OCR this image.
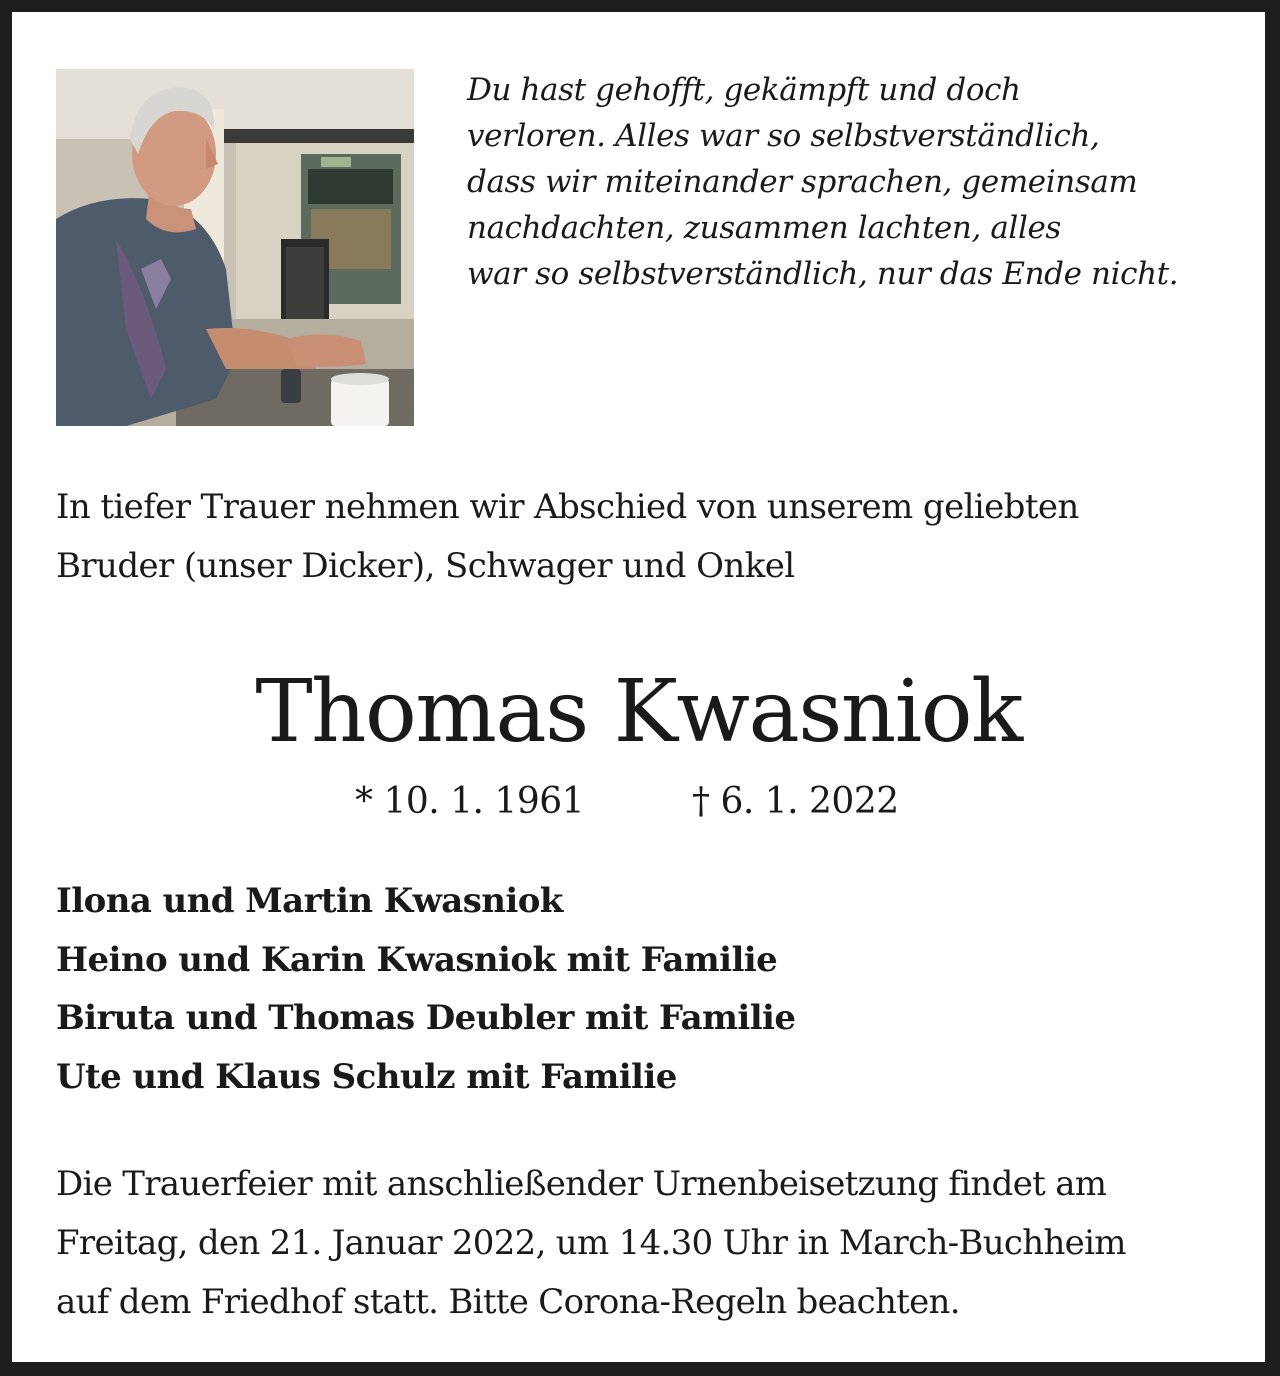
Du hast gehofft, gekämpft und doch
verloren. Alles war so selbstverständlich,
dass wir miteinander sprachen, gemeinsam
nachdachten, zusammen lachten, alles
war so selbstverständlich, nur das Ende nicht.
In tiefer Trauer nehmen wir Abschied von unserem geliebten
Bruder (unser Dicker), Schwager und Onkel
Thomas Kwasniok
* 10. 1. 1961	† 6. 1. 2022
Ilona und Martin Kwasniok
Heino und Karin Kwasniok mit Familie
Biruta und Thomas Deubler mit Familie
Ute und Klaus Schulz mit Familie
Die Trauerfeier mit anschließender Urnenbeisetzung findet am
Freitag, den 21. Januar 2022, um 14.30 Uhr in March-Buchheim
auf dem Friedhof statt. Bitte Corona-Regeln beachten.
